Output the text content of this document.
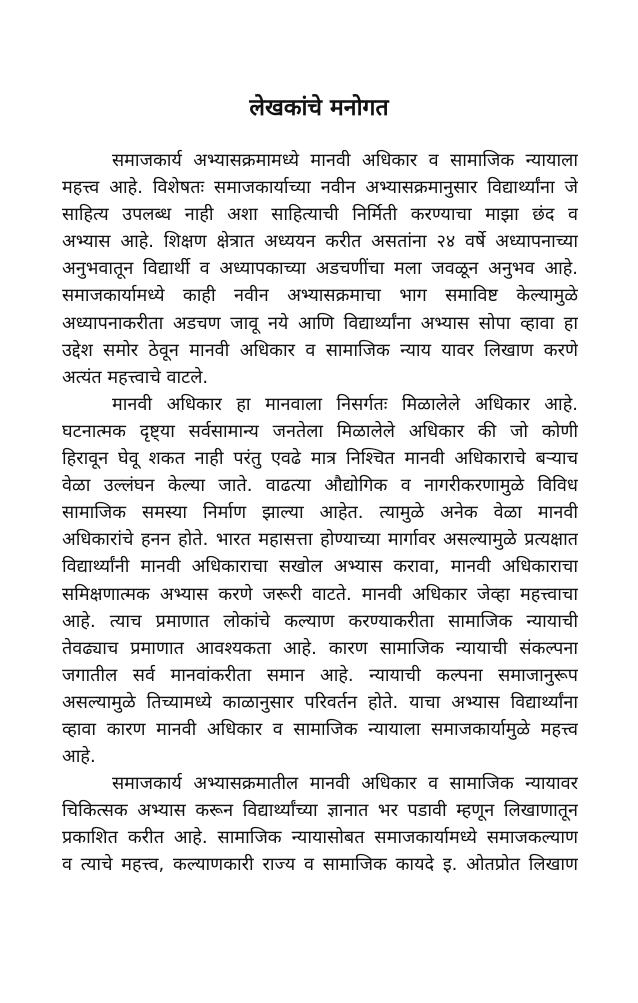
लेखकांचे मनोगत
समाजकार्य अभ्यासक्रमामध्ये मानवी अधिकार व सामाजिक न्यायाला
महत्त्व आहे. विशेषतः समाजकार्याच्या नवीन अभ्यासक्रमानुसार विद्यार्थ्यांना जे
साहित्य उपलब्ध नाही अशा साहित्याची निर्मिती करण्याचा माझा छंद व
अभ्यास आहे. शिक्षण क्षेत्रात अध्ययन करीत असतांना २४ वर्षे अध्यापनाच्या
अनुभवातून विद्यार्थी व अध्यापकाच्या अडचणींचा मला जवळून अनुभव आहे.
समाजकार्यामध्ये काही नवीन अभ्यासक्रमाचा भाग समाविष्ट केल्यामुळे
अध्यापनाकरीता अडचण जावू नये आणि विद्यार्थ्यांना अभ्यास सोपा व्हावा हा
उद्देश समोर ठेवून मानवी अधिकार व सामाजिक न्याय यावर लिखाण करणे
अत्यंत महत्त्वाचे वाटले.
मानवी अधिकार हा मानवाला निसर्गतः मिळालेले अधिकार आहे.
घटनात्मक दृष्ट्या सर्वसामान्य जनतेला मिळालेले अधिकार की जो कोणी
हिरावून घेवू शकत नाही परंतु एवढे मात्र निश्चित मानवी अधिकाराचे बऱ्याच
वेळा उल्लंघन केल्या जाते. वाढत्या औद्योगिक व नागरीकरणामुळे विविध
सामाजिक समस्या निर्माण झाल्या आहेत. त्यामुळे अनेक वेळा मानवी
अधिकारांचे हनन होते. भारत महासत्ता होण्याच्या मार्गावर असल्यामुळे प्रत्यक्षात
विद्यार्थ्यांनी मानवी अधिकाराचा सखोल अभ्यास करावा, मानवी अधिकाराचा
समिक्षणात्मक अभ्यास करणे जरूरी वाटते. मानवी अधिकार जेव्हा महत्त्वाचा
आहे. त्याच प्रमाणात लोकांचे कल्याण करण्याकरीता सामाजिक न्यायाची
तेवढ्याच प्रमाणात आवश्यकता आहे. कारण सामाजिक न्यायाची संकल्पना
जगातील सर्व मानवांकरीता समान आहे. न्यायाची कल्पना समाजानुरूप
असल्यामुळे तिच्यामध्ये काळानुसार परिवर्तन होते. याचा अभ्यास विद्यार्थ्यांना
व्हावा कारण मानवी अधिकार व सामाजिक न्यायाला समाजकार्यामुळे महत्त्व
आहे.
समाजकार्य अभ्यासक्रमातील मानवी अधिकार व सामाजिक न्यायावर
चिकित्सक अभ्यास करून विद्यार्थ्यांच्या ज्ञानात भर पडावी म्हणून लिखाणातून
प्रकाशित करीत आहे. सामाजिक न्यायासोबत समाजकार्यामध्ये समाजकल्याण
व त्याचे महत्त्व, कल्याणकारी राज्य व सामाजिक कायदे इ. ओतप्रोत लिखाण
